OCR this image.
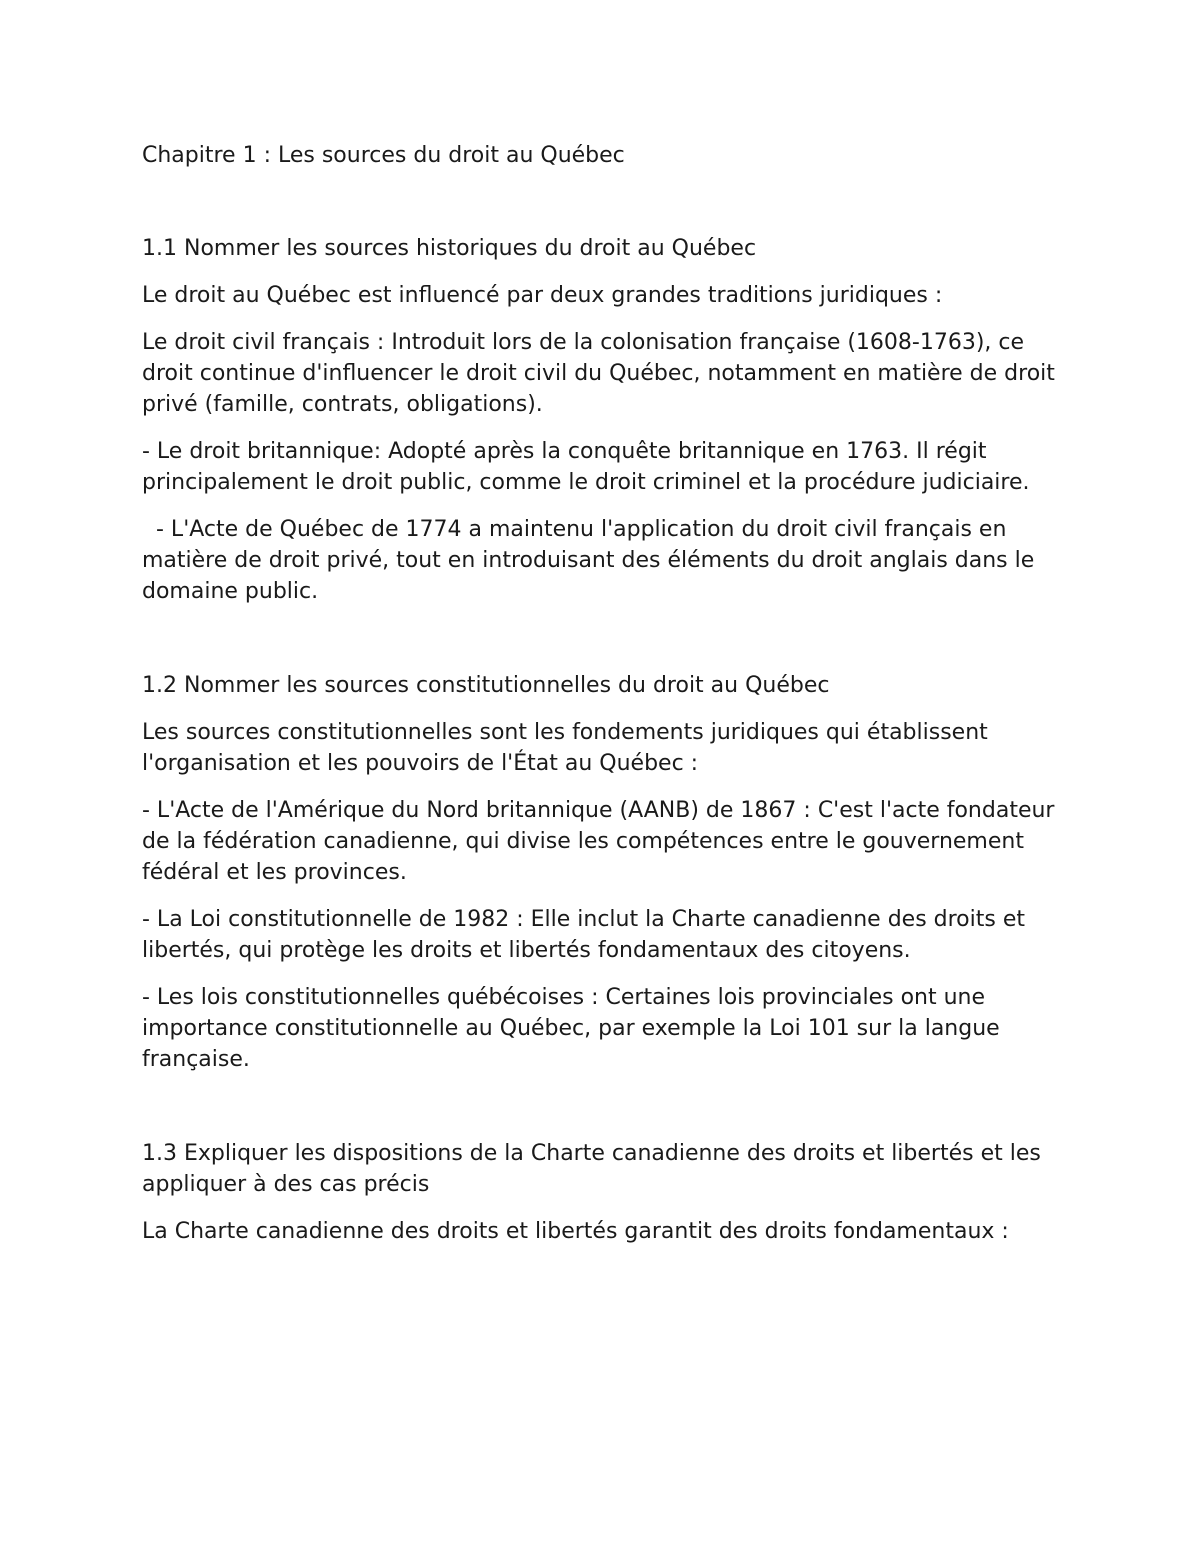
Chapitre 1 : Les sources du droit au Québec

1.1 Nommer les sources historiques du droit au Québec

Le droit au Québec est influencé par deux grandes traditions juridiques :

Le droit civil français : Introduit lors de la colonisation française (1608-1763), ce droit continue d'influencer le droit civil du Québec, notamment en matière de droit privé (famille, contrats, obligations).

- Le droit britannique: Adopté après la conquête britannique en 1763. Il régit principalement le droit public, comme le droit criminel et la procédure judiciaire.

- L'Acte de Québec de 1774 a maintenu l'application du droit civil français en matière de droit privé, tout en introduisant des éléments du droit anglais dans le domaine public.

1.2 Nommer les sources constitutionnelles du droit au Québec

Les sources constitutionnelles sont les fondements juridiques qui établissent l'organisation et les pouvoirs de l'État au Québec :

- L'Acte de l'Amérique du Nord britannique (AANB) de 1867 : C'est l'acte fondateur de la fédération canadienne, qui divise les compétences entre le gouvernement fédéral et les provinces.

- La Loi constitutionnelle de 1982 : Elle inclut la Charte canadienne des droits et libertés, qui protège les droits et libertés fondamentaux des citoyens.

- Les lois constitutionnelles québécoises : Certaines lois provinciales ont une importance constitutionnelle au Québec, par exemple la Loi 101 sur la langue française.

1.3 Expliquer les dispositions de la Charte canadienne des droits et libertés et les appliquer à des cas précis

La Charte canadienne des droits et libertés garantit des droits fondamentaux :
